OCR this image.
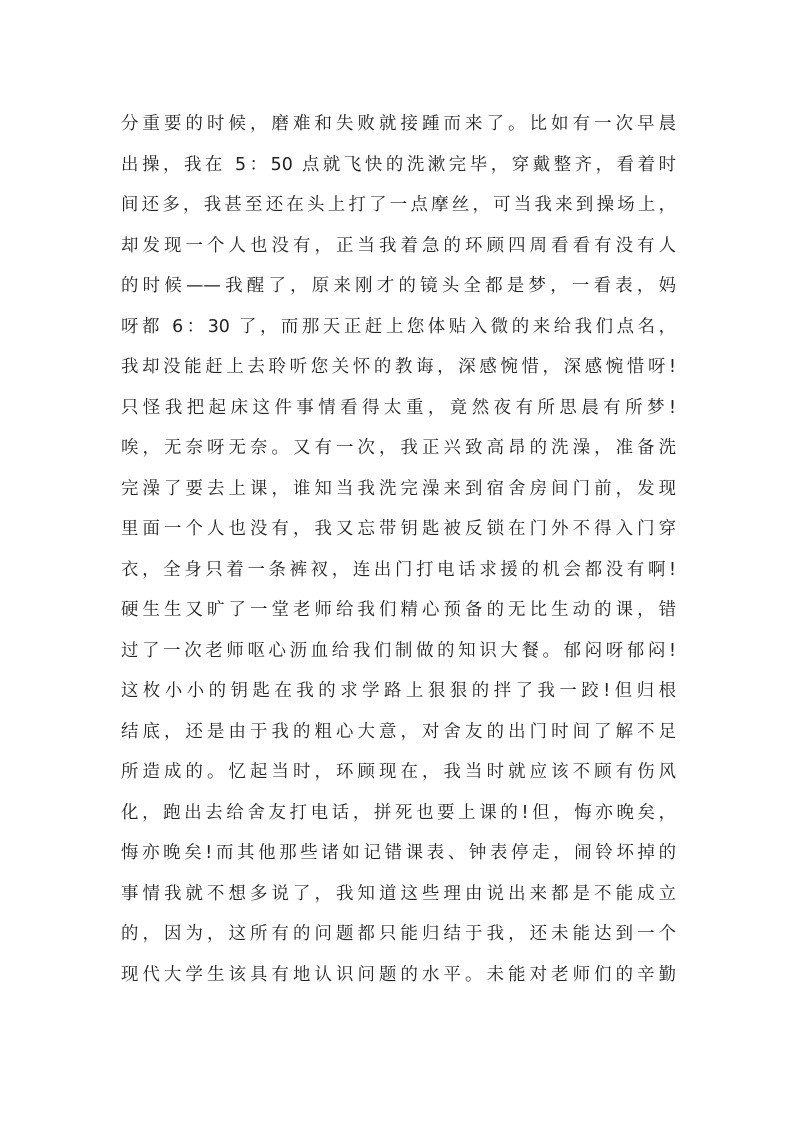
分重要的时候，磨难和失败就接踵而来了。比如有一次早晨
出操，我在 5：50 点就飞快的洗漱完毕，穿戴整齐，看着时
间还多，我甚至还在头上打了一点摩丝，可当我来到操场上，
却发现一个人也没有，正当我着急的环顾四周看看有没有人
的时候——我醒了，原来刚才的镜头全都是梦，一看表，妈
呀都 6：30 了，而那天正赶上您体贴入微的来给我们点名，
我却没能赶上去聆听您关怀的教诲，深感惋惜，深感惋惜呀!
只怪我把起床这件事情看得太重，竟然夜有所思晨有所梦!
唉，无奈呀无奈。又有一次，我正兴致高昂的洗澡，准备洗
完澡了要去上课，谁知当我洗完澡来到宿舍房间门前，发现
里面一个人也没有，我又忘带钥匙被反锁在门外不得入门穿
衣，全身只着一条裤衩，连出门打电话求援的机会都没有啊!
硬生生又旷了一堂老师给我们精心预备的无比生动的课，错
过了一次老师呕心沥血给我们制做的知识大餐。郁闷呀郁闷!
这枚小小的钥匙在我的求学路上狠狠的拌了我一跤!但归根
结底，还是由于我的粗心大意，对舍友的出门时间了解不足
所造成的。忆起当时，环顾现在，我当时就应该不顾有伤风
化，跑出去给舍友打电话，拼死也要上课的!但，悔亦晚矣，
悔亦晚矣!而其他那些诸如记错课表、钟表停走，闹铃坏掉的
事情我就不想多说了，我知道这些理由说出来都是不能成立
的，因为，这所有的问题都只能归结于我，还未能达到一个
现代大学生该具有地认识问题的水平。未能对老师们的辛勤
